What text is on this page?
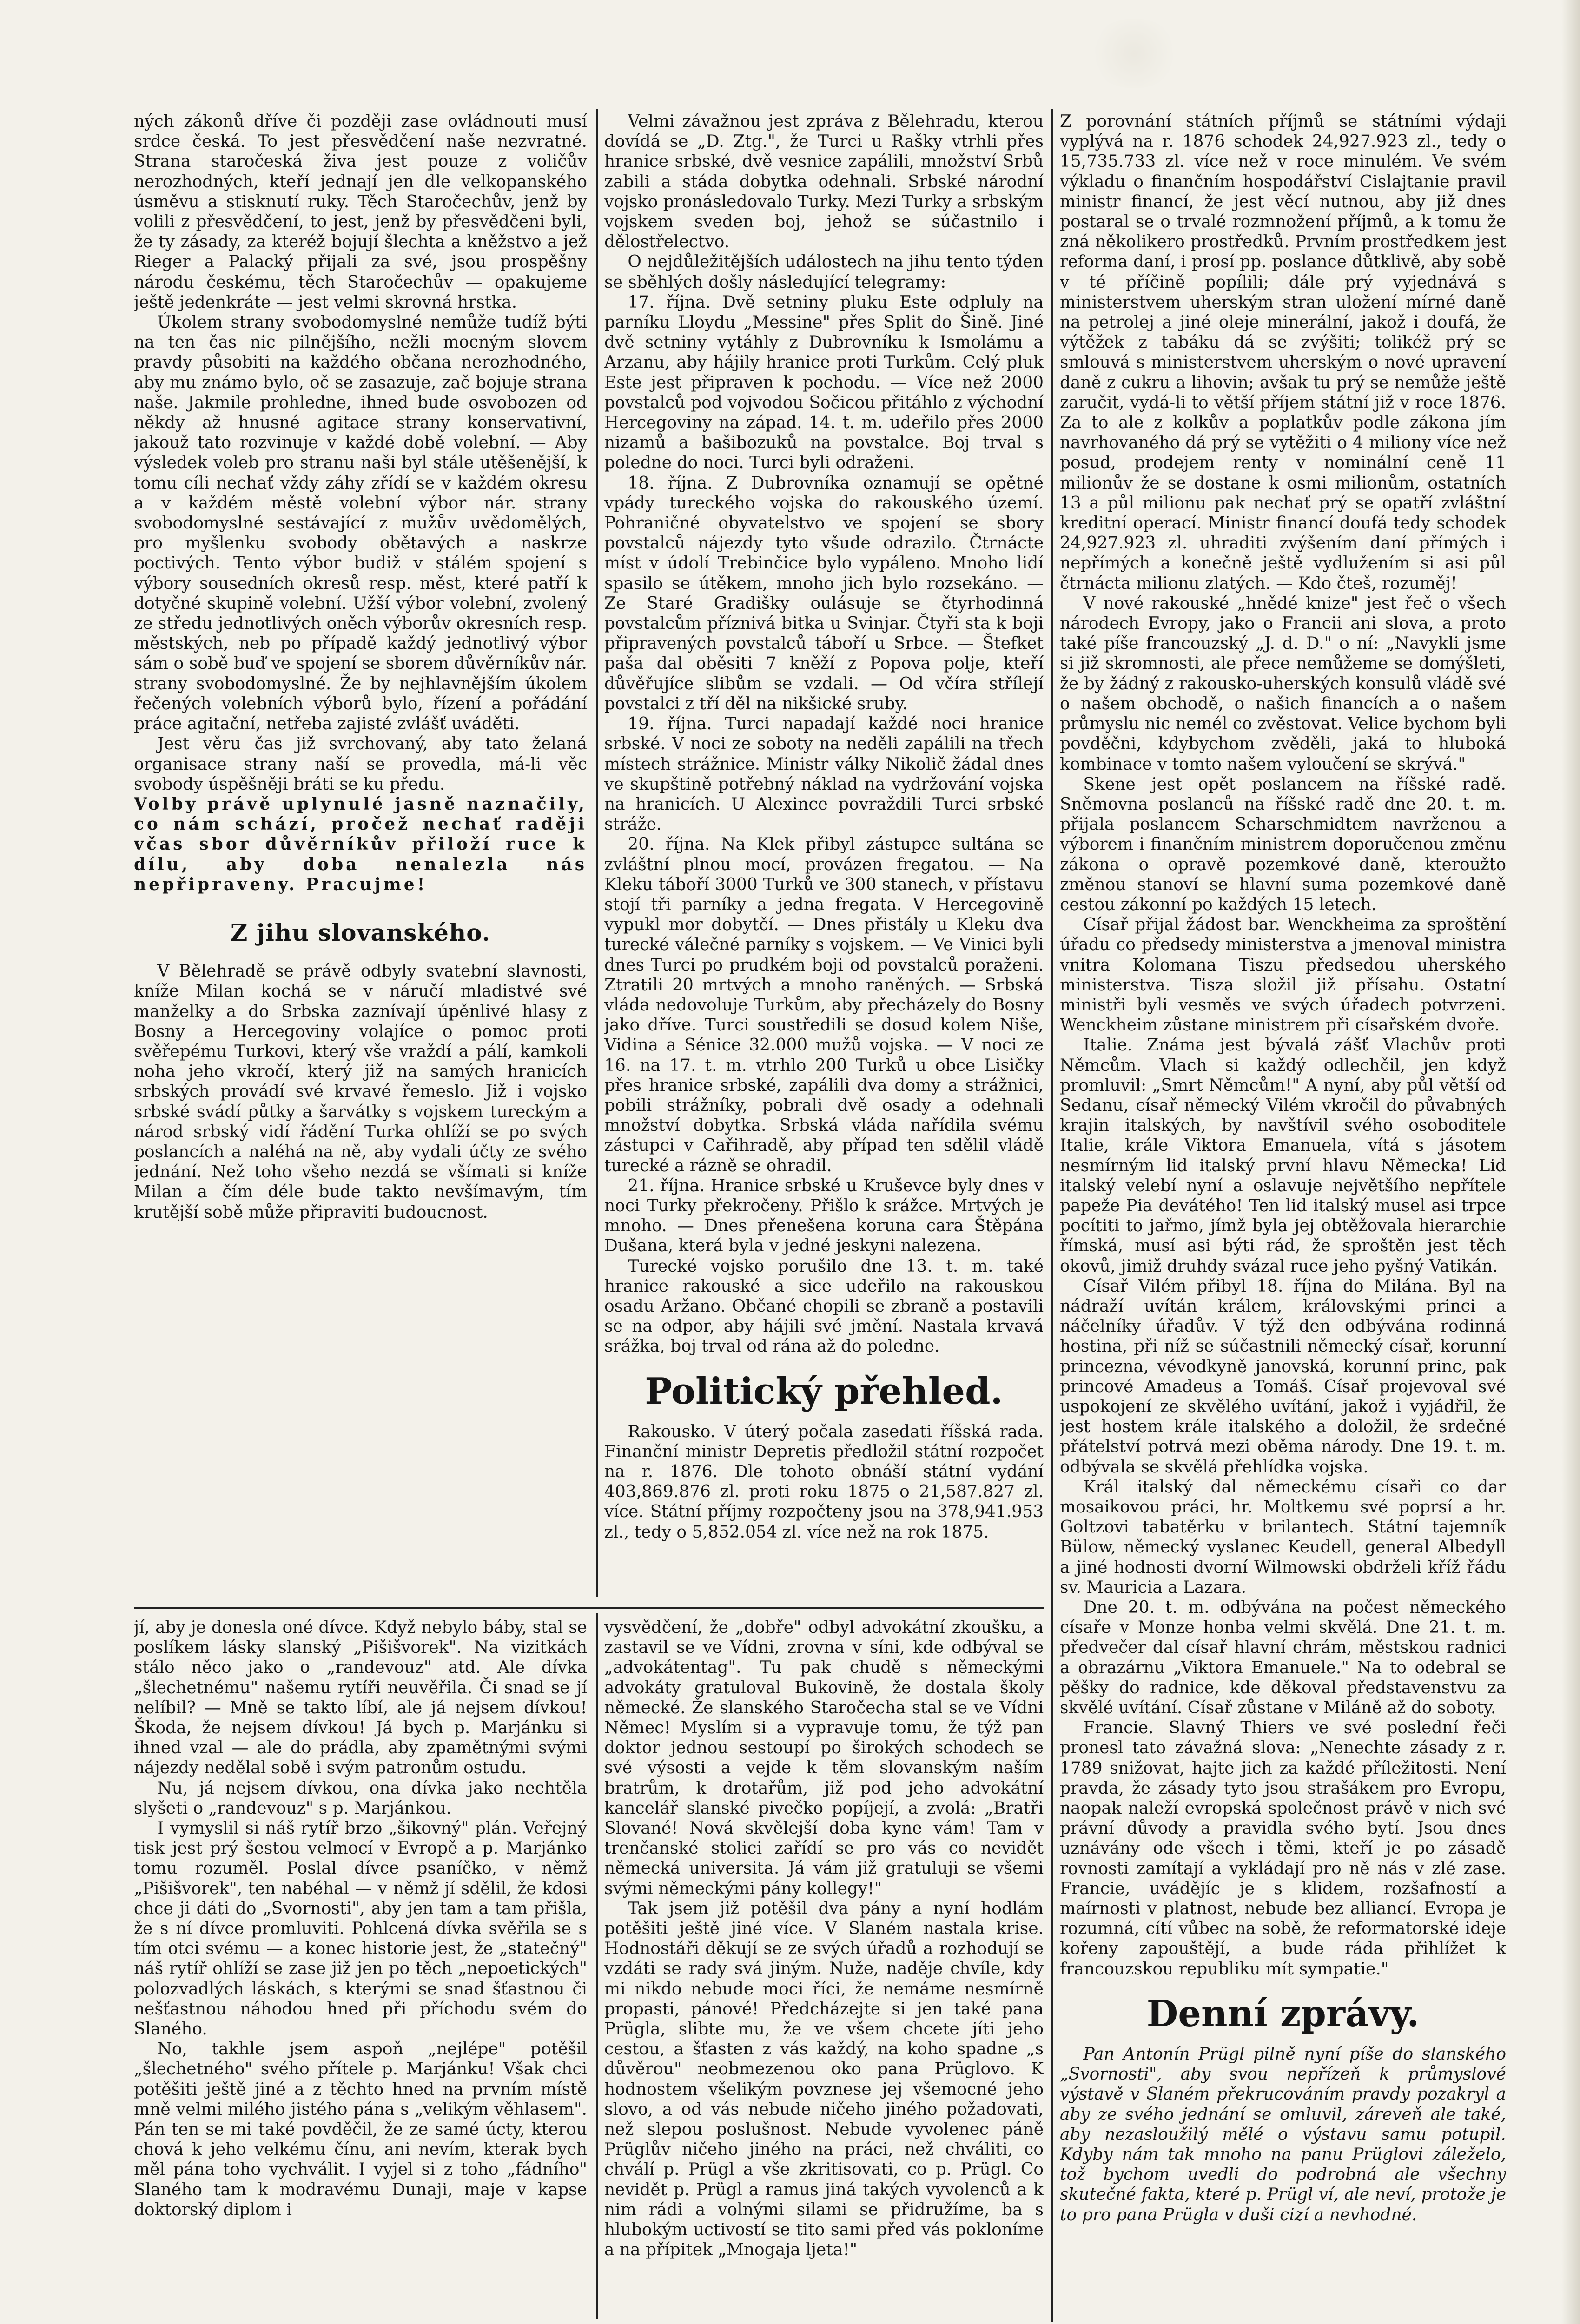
ných zákonů dříve či později zase ovládnouti musí srdce česká. To jest přesvědčení naše nezvratné. Strana staročeská živa jest pouze z voličův nerozhodných, kteří jednají jen dle velkopanského úsměvu a stisknutí ruky. Těch Staročechův, jenž by volili z přesvědčení, to jest, jenž by přesvědčeni byli, že ty zásady, za kteréž bojují šlechta a kněžstvo a jež Rieger a Palacký přijali za své, jsou prospěšny národu českému, těch Staročechův — opakujeme ještě jedenkráte — jest velmi skrovná hrstka.

Úkolem strany svobodomyslné nemůže tudíž býti na ten čas nic pilnějšího, nežli mocným slovem pravdy působiti na každého občana nerozhodného, aby mu známo bylo, oč se zasazuje, zač bojuje strana naše. Jakmile prohledne, ihned bude osvobozen od někdy až hnusné agitace strany konservativní, jakouž tato rozvinuje v každé době volební. — Aby výsledek voleb pro stranu naši byl stále utěšenější, k tomu cíli nechať vždy záhy zřídí se v každém okresu a v každém městě volební výbor nár. strany svobodomyslné sestávající z mužův uvědomělých, pro myšlenku svobody obětavých a naskrze poctivých. Tento výbor budiž v stálém spojení s výbory sousedních okresů resp. měst, které patří k dotyčné skupině volební. Užší výbor volební, zvolený ze středu jednotlivých oněch výborův okresních resp. městských, neb po případě každý jednotlivý výbor sám o sobě buď ve spojení se sborem důvěrníkův nár. strany svobodomyslné. Že by nejhlavnějším úkolem řečených volebních výborů bylo, řízení a pořádání práce agitační, netřeba zajisté zvlášť uváděti.

Jest věru čas již svrchovaný, aby tato želaná organisace strany naší se provedla, má-li věc svobody úspěšněji bráti se ku předu.

Volby právě uplynulé jasně naznačily, co nám schází, pročež nechať raději včas sbor důvěrníkův přiloží ruce k dílu, aby doba nenalezla nás nepřipraveny. Pracujme!

Z jihu slovanského.

V Bělehradě se právě odbyly svatební slavnosti, kníže Milan kochá se v náručí mladistvé své manželky a do Srbska zaznívají úpěnlivé hlasy z Bosny a Hercegoviny volajíce o pomoc proti svěřepému Turkovi, který vše vraždí a pálí, kamkoli noha jeho vkročí, který již na samých hranicích srbských provádí své krvavé řemeslo. Již i vojsko srbské svádí půtky a šarvátky s vojskem tureckým a národ srbský vidí řádění Turka ohlíží se po svých poslancích a naléhá na ně, aby vydali účty ze svého jednání. Než toho všeho nezdá se všímati si kníže Milan a čím déle bude takto nevšímavým, tím krutější sobě může připraviti budoucnost.

Velmi závažnou jest zpráva z Bělehradu, kterou dovídá se „D. Ztg.", že Turci u Rašky vtrhli přes hranice srbské, dvě vesnice zapálili, množství Srbů zabili a stáda dobytka odehnali. Srbské národní vojsko pronásledovalo Turky. Mezi Turky a srbským vojskem sveden boj, jehož se súčastnilo i dělostřelectvo.

O nejdůležitějších událostech na jihu tento týden se sběhlých došly následující telegramy:

17. října. Dvě setniny pluku Este odpluly na parníku Lloydu „Messine" přes Split do Šině. Jiné dvě setniny vytáhly z Dubrovníku k Ismolámu a Arzanu, aby hájily hranice proti Turkům. Celý pluk Este jest připraven k pochodu. — Více než 2000 povstalců pod vojvodou Sočicou přitáhlo z východní Hercegoviny na západ. 14. t. m. udeřilo přes 2000 nizamů a bašibozuků na povstalce. Boj trval s poledne do noci. Turci byli odraženi.

18. října. Z Dubrovníka oznamují se opětné vpády tureckého vojska do rakouského území. Pohraničné obyvatelstvo ve spojení se sbory povstalců nájezdy tyto všude odrazilo. Čtrnácte míst v údolí Trebinčice bylo vypáleno. Mnoho lidí spasilo se útěkem, mnoho jich bylo rozsekáno. — Ze Staré Gradišky oulásuje se čtyrhodinná povstalcům příznivá bitka u Svinjar. Čtyři sta k boji připravených povstalců táboří u Srbce. — Štefket paša dal oběsiti 7 kněží z Popova polje, kteří důvěřujíce slibům se vzdali. — Od včíra střílejí povstalci z tří děl na nikšické sruby.

19. října. Turci napadají každé noci hranice srbské. V noci ze soboty na neděli zapálili na třech místech strážnice. Ministr války Nikolič žádal dnes ve skupštině potřebný náklad na vydržování vojska na hranicích. U Alexince povraždili Turci srbské stráže.

20. října. Na Klek přibyl zástupce sultána se zvláštní plnou mocí, provázen fregatou. — Na Kleku táboří 3000 Turků ve 300 stanech, v přístavu stojí tři parníky a jedna fregata. V Hercegovině vypukl mor dobytčí. — Dnes přistály u Kleku dva turecké válečné parníky s vojskem. — Ve Vinici byli dnes Turci po prudkém boji od povstalců poraženi. Ztratili 20 mrtvých a mnoho raněných. — Srbská vláda nedovoluje Turkům, aby přecházely do Bosny jako dříve. Turci soustředili se dosud kolem Niše, Vidina a Sénice 32.000 mužů vojska. — V noci ze 16. na 17. t. m. vtrhlo 200 Turků u obce Lisičky přes hranice srbské, zapálili dva domy a strážnici, pobili strážníky, pobrali dvě osady a odehnali množství dobytka. Srbská vláda nařídila svému zástupci v Cařihradě, aby případ ten sdělil vládě turecké a rázně se ohradil.

21. října. Hranice srbské u Kruševce byly dnes v noci Turky překročeny. Přišlo k srážce. Mrtvých je mnoho. — Dnes přenešena koruna cara Štěpána Dušana, která byla v jedné jeskyni nalezena.

Turecké vojsko porušilo dne 13. t. m. také hranice rakouské a sice udeřilo na rakouskou osadu Aržano. Občané chopili se zbraně a postavili se na odpor, aby hájili své jmění. Nastala krvavá srážka, boj trval od rána až do poledne.

Politický přehled.

Rakousko. V úterý počala zasedati říšská rada. Finanční ministr Depretis předložil státní rozpočet na r. 1876. Dle tohoto obnáší státní vydání 403,869.876 zl. proti roku 1875 o 21,587.827 zl. více. Státní příjmy rozpočteny jsou na 378,941.953 zl., tedy o 5,852.054 zl. více než na rok 1875.

Z porovnání státních příjmů se státními výdaji vyplývá na r. 1876 schodek 24,927.923 zl., tedy o 15,735.733 zl. více než v roce minulém. Ve svém výkladu o finančním hospodářství Cislajtanie pravil ministr financí, že jest věcí nutnou, aby již dnes postaral se o trvalé rozmnožení příjmů, a k tomu že zná několikero prostředků. Prvním prostředkem jest reforma daní, i prosí pp. poslance důtklivě, aby sobě v té příčině popílili; dále prý vyjednává s ministerstvem uherským stran uložení mírné daně na petrolej a jiné oleje minerální, jakož i doufá, že výtěžek z tabáku dá se zvýšiti; tolikéž prý se smlouvá s ministerstvem uherským o nové upravení daně z cukru a lihovin; avšak tu prý se nemůže ještě zaručit, vydá-li to větší příjem státní již v roce 1876. Za to ale z kolkův a poplatkův podle zákona jím navrhovaného dá prý se vytěžiti o 4 miliony více než posud, prodejem renty v nominální ceně 11 milionův že se dostane k osmi milionům, ostatních 13 a půl milionu pak nechať prý se opatří zvláštní kreditní operací. Ministr financí doufá tedy schodek 24,927.923 zl. uhraditi zvýšením daní přímých i nepřímých a konečně ještě vydlužením si asi půl čtrnácta milionu zlatých. — Kdo čteš, rozuměj!

V nové rakouské „hnědé knize" jest řeč o všech národech Evropy, jako o Francii ani slova, a proto také píše francouzský „J. d. D." o ní: „Navykli jsme si již skromnosti, ale přece nemůžeme se domýšleti, že by žádný z rakousko-uherských konsulů vládě své o našem obchodě, o našich financích a o našem průmyslu nic nemél co zvěstovat. Velice bychom byli povděčni, kdybychom zvěděli, jaká to hluboká kombinace v tomto našem vyloučení se skrývá."

Skene jest opět poslancem na říšské radě. Sněmovna poslanců na říšské radě dne 20. t. m. přijala poslancem Scharschmidtem navrženou a výborem i finančním ministrem doporučenou změnu zákona o opravě pozemkové daně, kteroužto změnou stanoví se hlavní suma pozemkové daně cestou zákonní po každých 15 letech.

Císař přijal žádost bar. Wenckheima za sproštění úřadu co předsedy ministerstva a jmenoval ministra vnitra Kolomana Tiszu předsedou uherského ministerstva. Tisza složil již přísahu. Ostatní ministři byli vesměs ve svých úřadech potvrzeni. Wenckheim zůstane ministrem při císařském dvoře.

Italie. Známa jest bývalá zášť Vlachův proti Němcům. Vlach si každý odlechčil, jen když promluvil: „Smrt Němcům!" A nyní, aby půl větší od Sedanu, císař německý Vilém vkročil do půvabných krajin italských, by navštívil svého osoboditele Italie, krále Viktora Emanuela, vítá s jásotem nesmírným lid italský první hlavu Německa! Lid italský velebí nyní a oslavuje největšího nepřítele papeže Pia devátého! Ten lid italský musel asi trpce pocítiti to jařmo, jímž byla jej obtěžovala hierarchie římská, musí asi býti rád, že sproštěn jest těch okovů, jimiž druhdy svázal ruce jeho pyšný Vatikán.

Císař Vilém přibyl 18. října do Milána. Byl na nádraží uvítán králem, královskými princi a náčelníky úřadův. V týž den odbývána rodinná hostina, při níž se súčastnili německý císař, korunní princezna, vévodkyně janovská, korunní princ, pak princové Amadeus a Tomáš. Císař projevoval své uspokojení ze skvělého uvítání, jakož i vyjádřil, že jest hostem krále italského a doložil, že srdečné přátelství potrvá mezi oběma národy. Dne 19. t. m. odbývala se skvělá přehlídka vojska.

Král italský dal německému císaři co dar mosaikovou práci, hr. Moltkemu své poprsí a hr. Goltzovi tabatěrku v brilantech. Státní tajemník Bülow, německý vyslanec Keudell, general Albedyll a jiné hodnosti dvorní Wilmowski obdrželi kříž řádu sv. Mauricia a Lazara.

Dne 20. t. m. odbývána na počest německého císaře v Monze honba velmi skvělá. Dne 21. t. m. předvečer dal císař hlavní chrám, městskou radnici a obrazárnu „Viktora Emanuele." Na to odebral se pěšky do radnice, kde děkoval představenstvu za skvělé uvítání. Císař zůstane v Miláně až do soboty.

Francie. Slavný Thiers ve své poslední řeči pronesl tato závažná slova: „Nenechte zásady z r. 1789 snižovat, hajte jich za každé příležitosti. Není pravda, že zásady tyto jsou strašákem pro Evropu, naopak naleží evropská společnost právě v nich své právní důvody a pravidla svého bytí. Jsou dnes uznávány ode všech i těmi, kteří je po zásadě rovnosti zamítají a vykládají pro ně nás v zlé zase. Francie, uvádějíc je s klidem, rozšafností a maírnosti v platnost, nebude bez alliancí. Evropa je rozumná, cítí vůbec na sobě, že reformatorské ideje kořeny zapouštějí, a bude ráda přihlížet k francouzskou republiku mít sympatie."

Denní zprávy.

Pan Antonín Prügl pilně nyní píše do slanského „Svornosti", aby svou nepřízeň k průmyslové výstavě v Slaném překrucováním pravdy pozakryl a aby ze svého jednání se omluvil, záreveň ale také, aby nezasloužilý mělé o výstavu samu potupil. Kdyby nám tak mnoho na panu Prüglovi záleželo, tož bychom uvedli do podrobná ale všechny skutečné fakta, které p. Prügl ví, ale neví, protože je to pro pana Prügla v duši cizí a nevhodné.

jí, aby je donesla oné dívce. Když nebylo báby, stal se poslíkem lásky slanský „Pišišvorek". Na vizitkách stálo něco jako o „randevouz" atd. Ale dívka „šlechetnému" našemu rytíři neuvěřila. Či snad se jí nelíbil? — Mně se takto líbí, ale já nejsem dívkou! Škoda, že nejsem dívkou! Já bych p. Marjánku si ihned vzal — ale do prádla, aby zpamětnými svými nájezdy nedělal sobě i svým patronům ostudu.

Nu, já nejsem dívkou, ona dívka jako nechtěla slyšeti o „randevouz" s p. Marjánkou.

I vymyslil si náš rytíř brzo „šikovný" plán. Veřejný tisk jest prý šestou velmocí v Evropě a p. Marjánko tomu rozuměl. Poslal dívce psaníčko, v němž „Pišišvorek", ten nabéhal — v němž jí sdělil, že kdosi chce ji dáti do „Svornosti", aby jen tam a tam přišla, že s ní dívce promluviti. Pohlcená dívka svěřila se s tím otci svému — a konec historie jest, že „statečný" náš rytíř ohlíží se zase již jen po těch „nepoetických" polozvadlých láskách, s kterými se snad šťastnou či nešťastnou náhodou hned při příchodu svém do Slaného.

No, takhle jsem aspoň „nejlépe" potěšil „šlechetného" svého přítele p. Marjánku! Však chci potěšiti ještě jiné a z těchto hned na prvním místě mně velmi milého jistého pána s „velikým věhlasem". Pán ten se mi také povděčil, že ze samé úcty, kterou chová k jeho velkému čínu, ani nevím, kterak bych měl pána toho vychválit. I vyjel si z toho „fádního" Slaného tam k modravému Dunaji, maje v kapse doktorský diplom i

vysvědčení, že „dobře" odbyl advokátní zkoušku, a zastavil se ve Vídni, zrovna v síni, kde odbýval se „advokátentag". Tu pak chudě s německými advokáty gratuloval Bukovině, že dostala školy německé. Že slanského Staročecha stal se ve Vídni Němec! Myslím si a vypravuje tomu, že týž pan doktor jednou sestoupí po širokých schodech se své výsosti a vejde k těm slovanským naším bratrům, k drotařům, již pod jeho advokátní kancelář slanské pivečko popíjejí, a zvolá: „Bratři Slované! Nová skvělejší doba kyne vám! Tam v trenčanské stolici zařídí se pro vás co nevidět německá universita. Já vám již gratuluji se všemi svými německými pány kollegy!"

Tak jsem již potěšil dva pány a nyní hodlám potěšiti ještě jiné více. V Slaném nastala krise. Hodnostáři děkují se ze svých úřadů a rozhodují se vzdáti se rady svá jiným. Nuže, naděje chvíle, kdy mi nikdo nebude moci říci, že nemáme nesmírně propasti, pánové! Předcházejte si jen také pana Prügla, slibte mu, že ve všem chcete jíti jeho cestou, a šťasten z vás každý, na koho spadne „s důvěrou" neobmezenou oko pana Prüglovo. K hodnostem všelikým povznese jej všemocné jeho slovo, a od vás nebude ničeho jiného požadovati, než slepou poslušnost. Nebude vyvolenec páně Prüglův ničeho jiného na práci, než chváliti, co chválí p. Prügl a vše zkritisovati, co p. Prügl. Co nevidět p. Prügl a ramus jiná takých vyvolenců a k nim rádi a volnými silami se přidružíme, ba s hlubokým uctivostí se tito sami před vás pokloníme a na přípitek „Mnogaja ljeta!"
